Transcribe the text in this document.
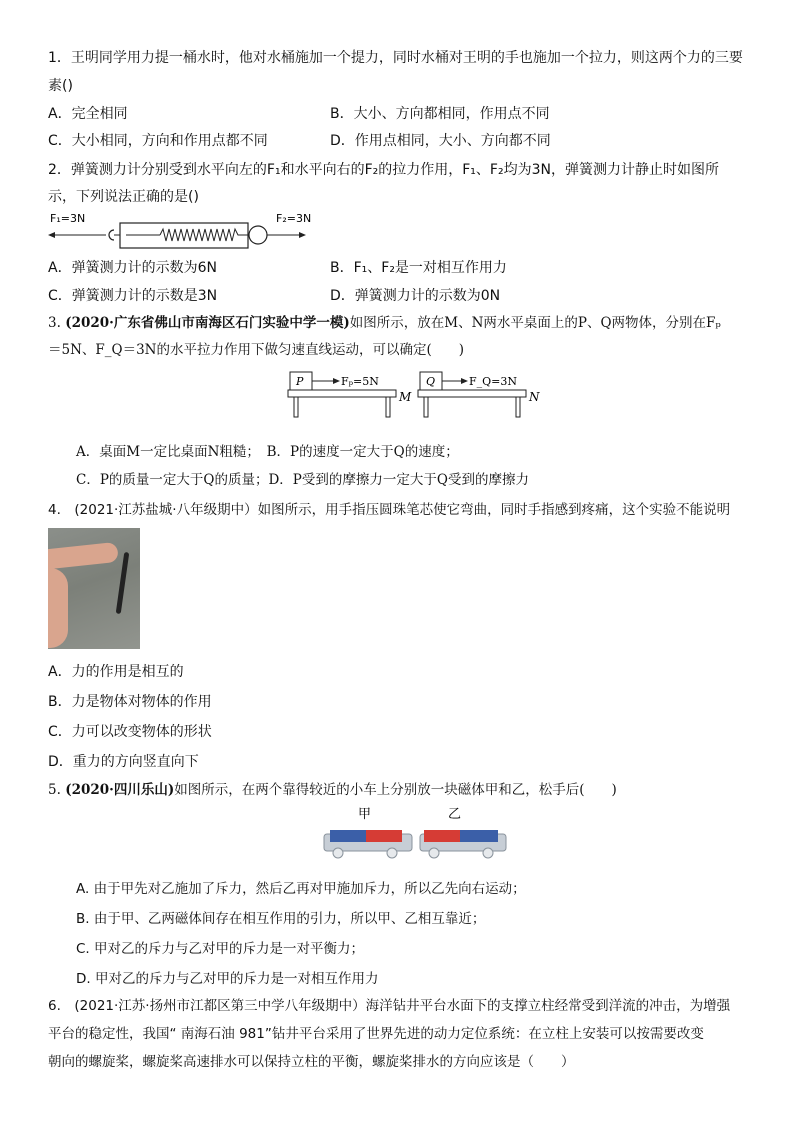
1．王明同学用力提一桶水时，他对水桶施加一个提力，同时水桶对王明的手也施加一个拉力，则这两个力的三要
素()
A．完全相同	B．大小、方向都相同，作用点不同
C．大小相同，方向和作用点都不同	D．作用点相同，大小、方向都不同
2．弹簧测力计分别受到水平向左的F₁和水平向右的F₂的拉力作用，F₁、F₂均为3N，弹簧测力计静止时如图所
示，下列说法正确的是()
F₁=3N	F₂=3N
A．弹簧测力计的示数为6N	B．F₁、F₂是一对相互作用力
C．弹簧测力计的示数是3N	D．弹簧测力计的示数为0N
3. (2020·广东省佛山市南海区石门实验中学一模)如图所示，放在M、N两水平桌面上的P、Q两物体，分别在Fₚ
＝5N、F_Q＝3N的水平拉力作用下做匀速直线运动，可以确定(　　)
P	Fₚ=5N
M
Q	F_Q=3N
N
A．桌面M一定比桌面N粗糙；　B．P的速度一定大于Q的速度；
C．P的质量一定大于Q的质量；D．P受到的摩擦力一定大于Q受到的摩擦力
4.　(2021·江苏盐城·八年级期中）如图所示，用手指压圆珠笔芯使它弯曲，同时手指感到疼痛，这个实验不能说明
A．力的作用是相互的
B．力是物体对物体的作用
C．力可以改变物体的形状
D．重力的方向竖直向下
5. (2020·四川乐山)如图所示，在两个靠得较近的小车上分别放一块磁体甲和乙，松手后(　　)
甲	乙
A. 由于甲先对乙施加了斥力，然后乙再对甲施加斥力，所以乙先向右运动；
B. 由于甲、乙两磁体间存在相互作用的引力，所以甲、乙相互靠近；
C. 甲对乙的斥力与乙对甲的斥力是一对平衡力；
D. 甲对乙的斥力与乙对甲的斥力是一对相互作用力
6.　(2021·江苏·扬州市江都区第三中学八年级期中）海洋钻井平台水面下的支撑立柱经常受到洋流的冲击，为增强
平台的稳定性，我国“ 南海石油 981”钻井平台采用了世界先进的动力定位系统：在立柱上安装可以按需要改变
朝向的螺旋桨，螺旋桨高速排水可以保持立柱的平衡，螺旋桨排水的方向应该是（　　）
